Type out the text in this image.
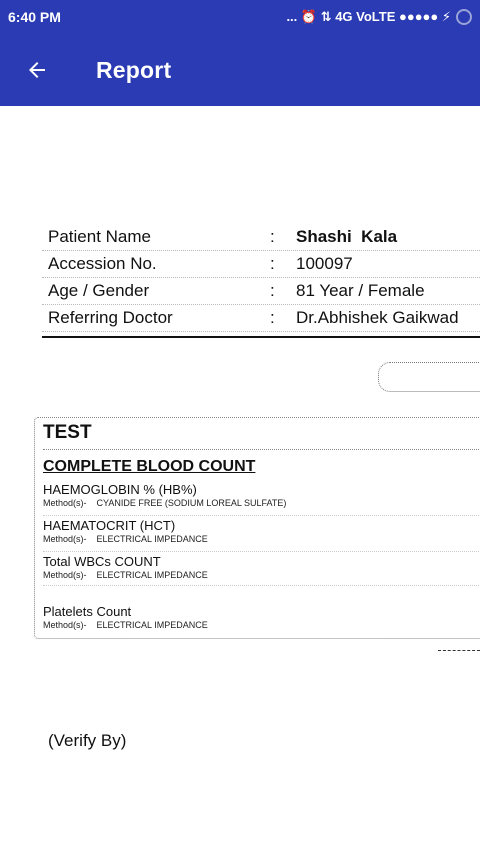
6:40 PM	... ⏰ ⇅ 4G VoLTE ●●●●● ⚡
Report
Patient Name	:	Shashi  Kala
Accession No.	:	100097
Age / Gender	:	81 Year / Female
Referring Doctor	:	Dr.Abhishek Gaikwad
TEST
COMPLETE BLOOD COUNT
HAEMOGLOBIN % (HB%)
Method(s)- CYANIDE FREE (SODIUM LOREAL SULFATE)
HAEMATOCRIT (HCT)
Method(s)- ELECTRICAL IMPEDANCE
Total WBCs COUNT
Method(s)- ELECTRICAL IMPEDANCE
Platelets Count
Method(s)- ELECTRICAL IMPEDANCE
(Verify By)
